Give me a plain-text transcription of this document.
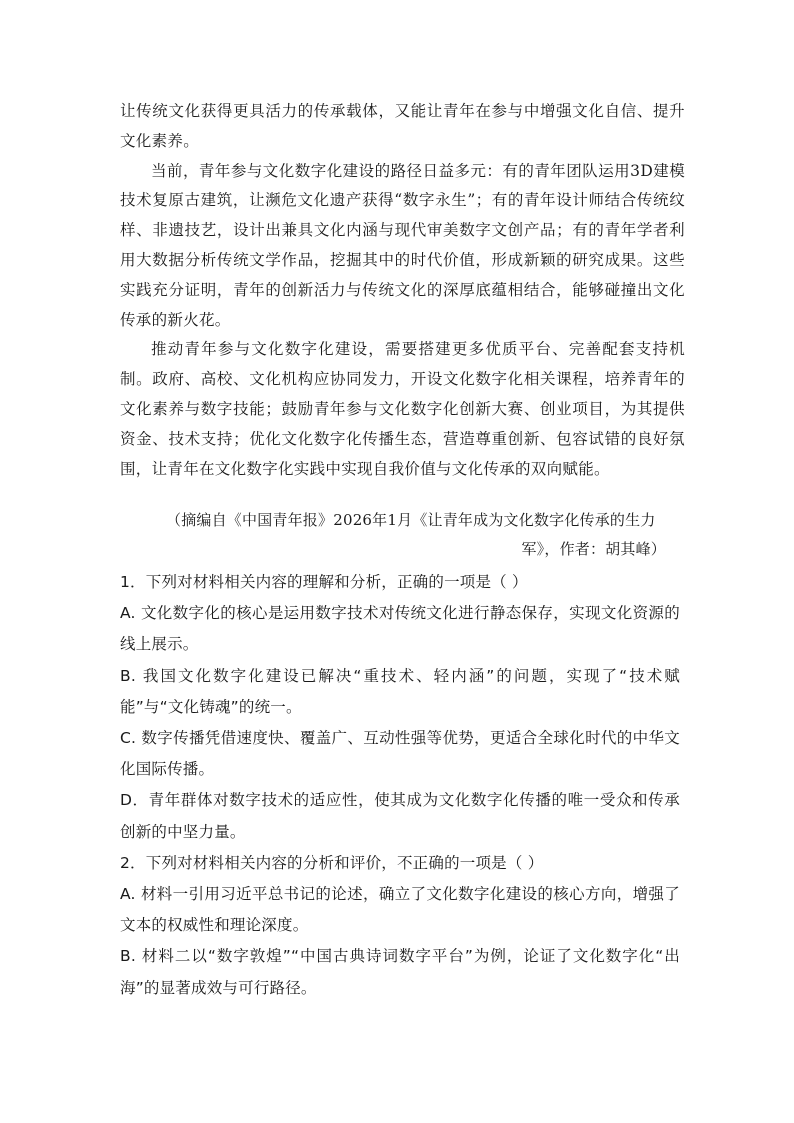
让传统文化获得更具活力的传承载体，又能让青年在参与中增强文化自信、提升文化素养。

当前，青年参与文化数字化建设的路径日益多元：有的青年团队运用3D建模技术复原古建筑，让濒危文化遗产获得“数字永生”；有的青年设计师结合传统纹样、非遗技艺，设计出兼具文化内涵与现代审美数字文创产品；有的青年学者利用大数据分析传统文学作品，挖掘其中的时代价值，形成新颖的研究成果。这些实践充分证明，青年的创新活力与传统文化的深厚底蕴相结合，能够碰撞出文化传承的新火花。

推动青年参与文化数字化建设，需要搭建更多优质平台、完善配套支持机制。政府、高校、文化机构应协同发力，开设文化数字化相关课程，培养青年的文化素养与数字技能；鼓励青年参与文化数字化创新大赛、创业项目，为其提供资金、技术支持；优化文化数字化传播生态，营造尊重创新、包容试错的良好氛围，让青年在文化数字化实践中实现自我价值与文化传承的双向赋能。

（摘编自《中国青年报》2026年1月《让青年成为文化数字化传承的生力
军》，作者：胡其峰）

1．下列对材料相关内容的理解和分析，正确的一项是（ ）

A. 文化数字化的核心是运用数字技术对传统文化进行静态保存，实现文化资源的线上展示。

B. 我国文化数字化建设已解决“重技术、轻内涵”的问题，实现了“技术赋能”与“文化铸魂”的统一。

C. 数字传播凭借速度快、覆盖广、互动性强等优势，更适合全球化时代的中华文化国际传播。

D．青年群体对数字技术的适应性，使其成为文化数字化传播的唯一受众和传承创新的中坚力量。

2．下列对材料相关内容的分析和评价，不正确的一项是（ ）

A. 材料一引用习近平总书记的论述，确立了文化数字化建设的核心方向，增强了文本的权威性和理论深度。

B. 材料二以“数字敦煌”“中国古典诗词数字平台”为例，论证了文化数字化“出海”的显著成效与可行路径。
